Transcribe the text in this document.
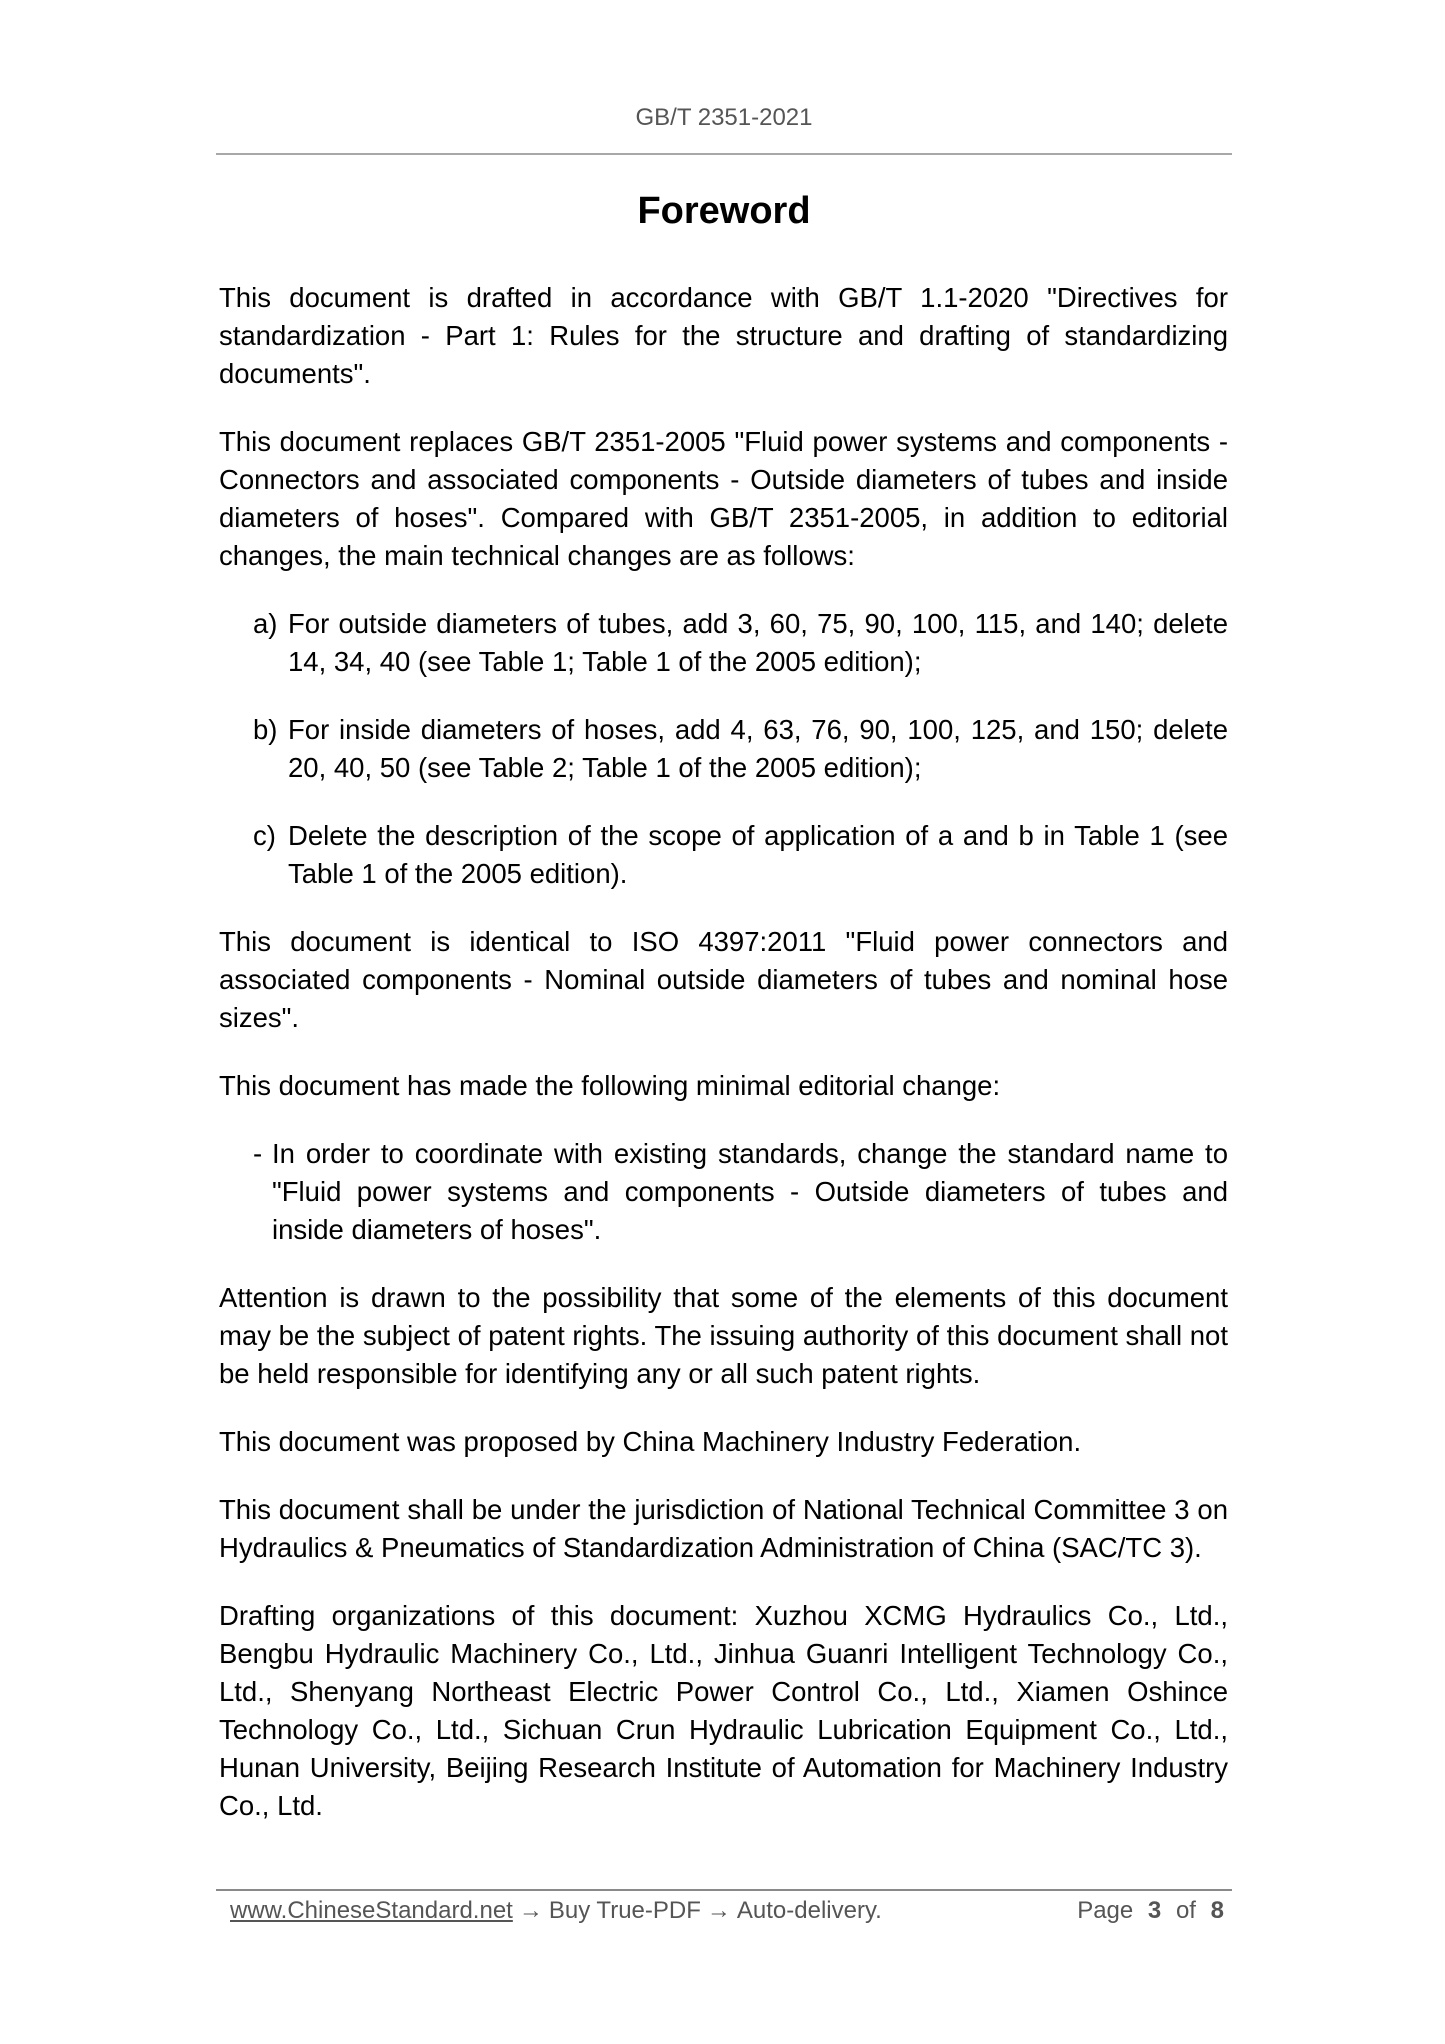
GB/T 2351-2021
Foreword

This document is drafted in accordance with GB/T 1.1-2020 "Directives for standardization - Part 1: Rules for the structure and drafting of standardizing documents".

This document replaces GB/T 2351-2005 "Fluid power systems and components - Connectors and associated components - Outside diameters of tubes and inside diameters of hoses". Compared with GB/T 2351-2005, in addition to editorial changes, the main technical changes are as follows:

a) For outside diameters of tubes, add 3, 60, 75, 90, 100, 115, and 140; delete 14, 34, 40 (see Table 1; Table 1 of the 2005 edition);
b) For inside diameters of hoses, add 4, 63, 76, 90, 100, 125, and 150; delete 20, 40, 50 (see Table 2; Table 1 of the 2005 edition);
c) Delete the description of the scope of application of a and b in Table 1 (see Table 1 of the 2005 edition).

This document is identical to ISO 4397:2011 "Fluid power connectors and associated components - Nominal outside diameters of tubes and nominal hose sizes".

This document has made the following minimal editorial change:

- In order to coordinate with existing standards, change the standard name to "Fluid power systems and components - Outside diameters of tubes and inside diameters of hoses".

Attention is drawn to the possibility that some of the elements of this document may be the subject of patent rights. The issuing authority of this document shall not be held responsible for identifying any or all such patent rights.

This document was proposed by China Machinery Industry Federation.

This document shall be under the jurisdiction of National Technical Committee 3 on Hydraulics & Pneumatics of Standardization Administration of China (SAC/TC 3).

Drafting organizations of this document: Xuzhou XCMG Hydraulics Co., Ltd., Bengbu Hydraulic Machinery Co., Ltd., Jinhua Guanri Intelligent Technology Co., Ltd., Shenyang Northeast Electric Power Control Co., Ltd., Xiamen Oshince Technology Co., Ltd., Sichuan Crun Hydraulic Lubrication Equipment Co., Ltd., Hunan University, Beijing Research Institute of Automation for Machinery Industry Co., Ltd.

www.ChineseStandard.net → Buy True-PDF → Auto-delivery.	Page 3 of 8
